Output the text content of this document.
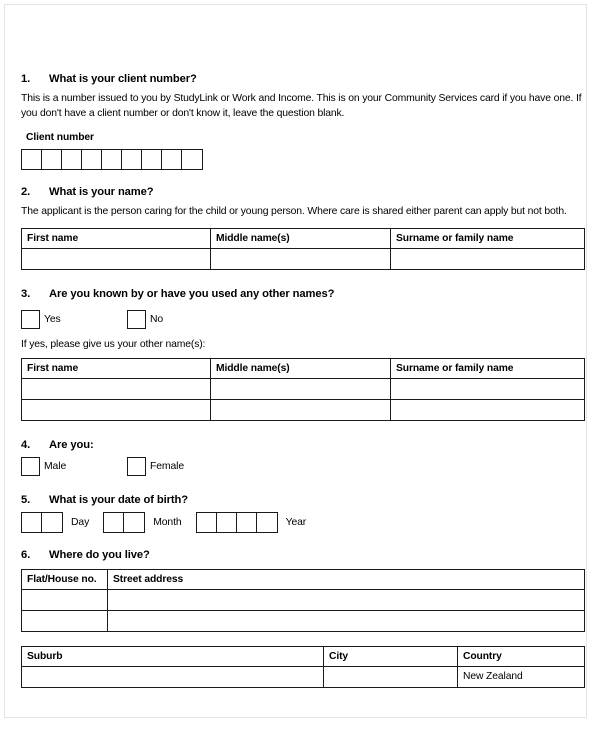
1.	What is your client number?
This is a number issued to you by StudyLink or Work and Income. This is on your Community Services card if you have one. If you don't have a client number or don't know it, leave the question blank.
Client number
2.	What is your name?
The applicant is the person caring for the child or young person. Where care is shared either parent can apply but not both.
First name	Middle name(s)	Surname or family name

3.	Are you known by or have you used any other names?
Yes	No
If yes, please give us your other name(s):
First name	Middle name(s)	Surname or family name

4.	Are you:
Male	Female
5.	What is your date of birth?
Day	Month	Year
6.	Where do you live?
Flat/House no.	Street address

Suburb	City	Country
		New Zealand
